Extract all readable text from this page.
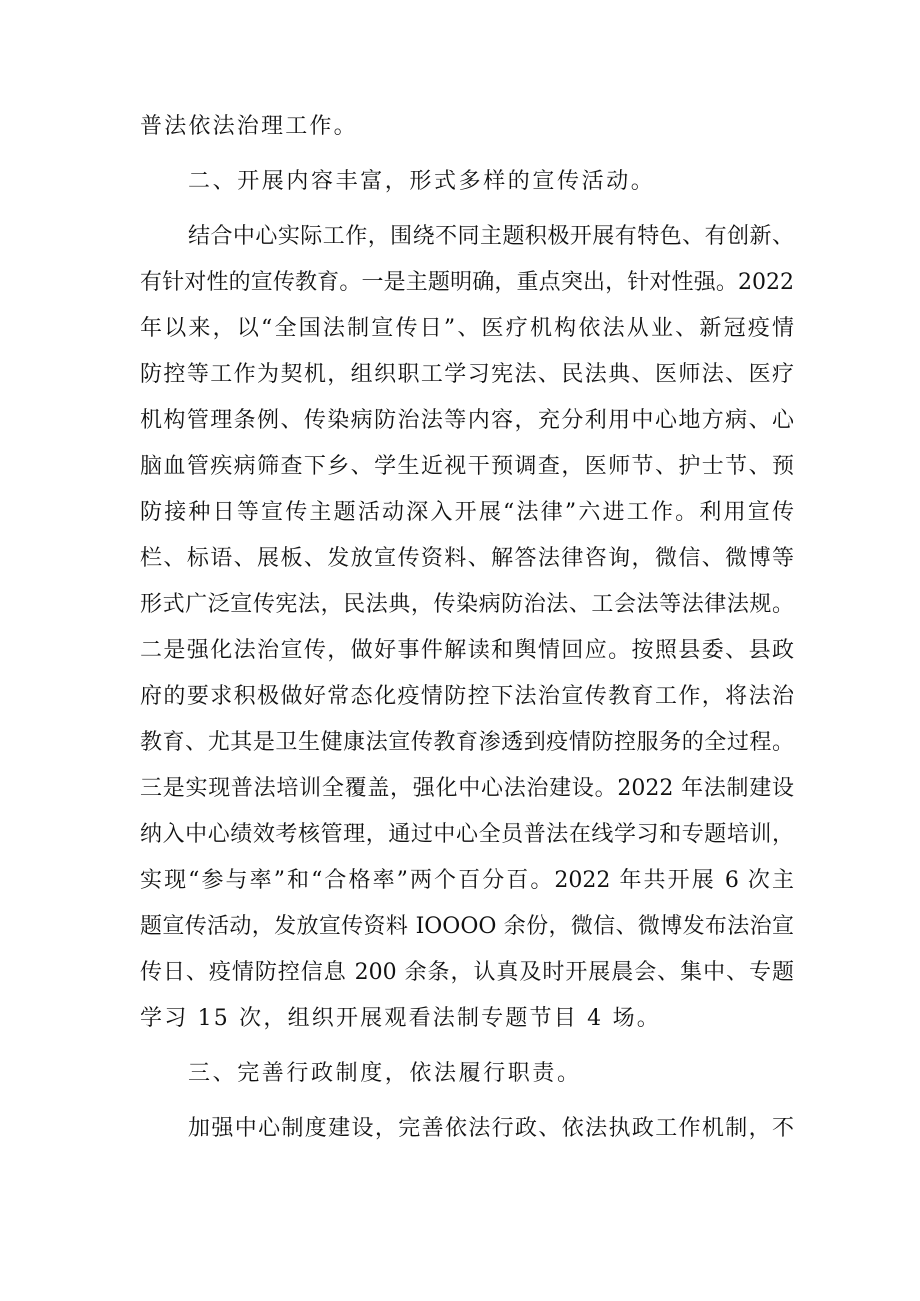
普法依法治理工作。
二、开展内容丰富，形式多样的宣传活动。
结合中心实际工作，围绕不同主题积极开展有特色、有创新、
有针对性的宣传教育。一是主题明确，重点突出，针对性强。2022
年以来，以“全国法制宣传日”、医疗机构依法从业、新冠疫情
防控等工作为契机，组织职工学习宪法、民法典、医师法、医疗
机构管理条例、传染病防治法等内容，充分利用中心地方病、心
脑血管疾病筛查下乡、学生近视干预调查，医师节、护士节、预
防接种日等宣传主题活动深入开展“法律”六进工作。利用宣传
栏、标语、展板、发放宣传资料、解答法律咨询，微信、微博等
形式广泛宣传宪法，民法典，传染病防治法、工会法等法律法规。
二是强化法治宣传，做好事件解读和舆情回应。按照县委、县政
府的要求积极做好常态化疫情防控下法治宣传教育工作，将法治
教育、尤其是卫生健康法宣传教育渗透到疫情防控服务的全过程。
三是实现普法培训全覆盖，强化中心法治建设。2022 年法制建设
纳入中心绩效考核管理，通过中心全员普法在线学习和专题培训，
实现“参与率”和“合格率”两个百分百。2022 年共开展 6 次主
题宣传活动，发放宣传资料 IOOOO 余份，微信、微博发布法治宣
传日、疫情防控信息 200 余条，认真及时开展晨会、集中、专题
学习 15 次，组织开展观看法制专题节目 4 场。
三、完善行政制度，依法履行职责。
加强中心制度建设，完善依法行政、依法执政工作机制，不
